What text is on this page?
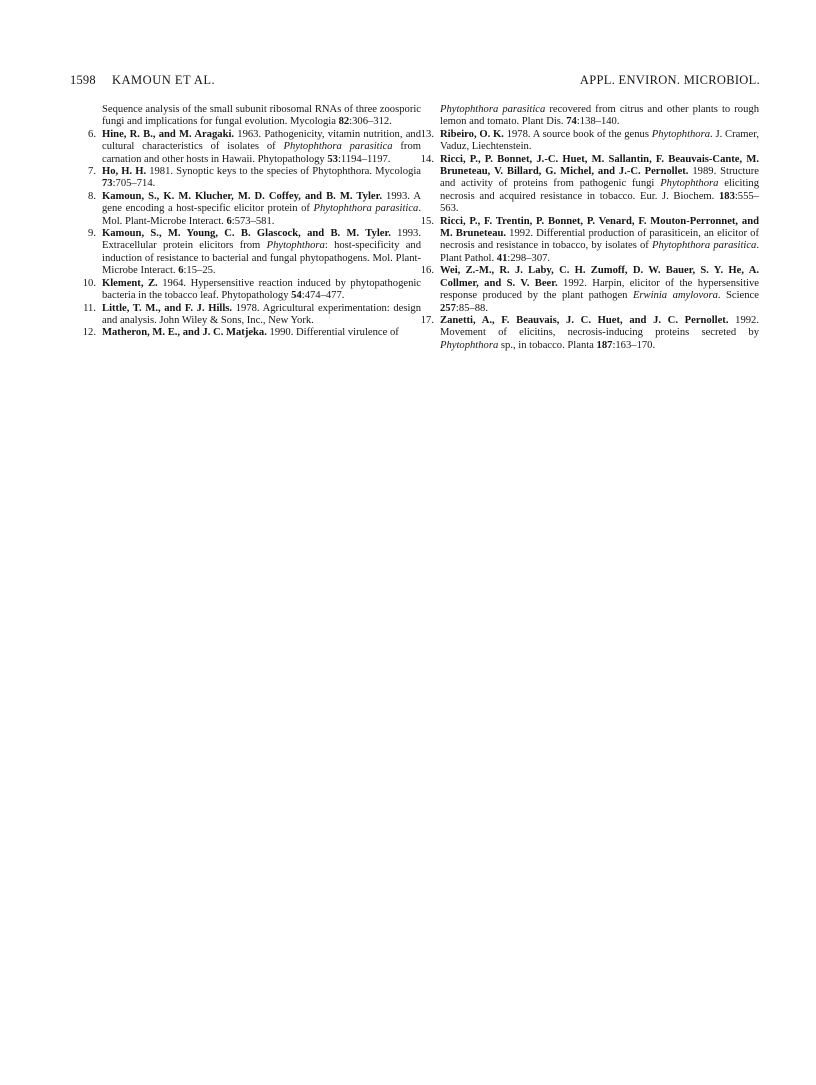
1598 KAMOUN ET AL.	APPL. ENVIRON. MICROBIOL.

Sequence analysis of the small subunit ribosomal RNAs of three zoosporic fungi and implications for fungal evolution. Mycologia 82:306–312.

6. Hine, R. B., and M. Aragaki. 1963. Pathogenicity, vitamin nutrition, and cultural characteristics of isolates of Phytophthora parasitica from carnation and other hosts in Hawaii. Phytopathology 53:1194–1197.

7. Ho, H. H. 1981. Synoptic keys to the species of Phytophthora. Mycologia 73:705–714.

8. Kamoun, S., K. M. Klucher, M. D. Coffey, and B. M. Tyler. 1993. A gene encoding a host-specific elicitor protein of Phytophthora parasitica. Mol. Plant-Microbe Interact. 6:573–581.

9. Kamoun, S., M. Young, C. B. Glascock, and B. M. Tyler. 1993. Extracellular protein elicitors from Phytophthora: host-specificity and induction of resistance to bacterial and fungal phytopathogens. Mol. Plant-Microbe Interact. 6:15–25.

10. Klement, Z. 1964. Hypersensitive reaction induced by phytopathogenic bacteria in the tobacco leaf. Phytopathology 54:474–477.

11. Little, T. M., and F. J. Hills. 1978. Agricultural experimentation: design and analysis. John Wiley & Sons, Inc., New York.

12. Matheron, M. E., and J. C. Matjeka. 1990. Differential virulence of

Phytophthora parasitica recovered from citrus and other plants to rough lemon and tomato. Plant Dis. 74:138–140.

13. Ribeiro, O. K. 1978. A source book of the genus Phytophthora. J. Cramer, Vaduz, Liechtenstein.

14. Ricci, P., P. Bonnet, J.-C. Huet, M. Sallantin, F. Beauvais-Cante, M. Bruneteau, V. Billard, G. Michel, and J.-C. Pernollet. 1989. Structure and activity of proteins from pathogenic fungi Phytophthora eliciting necrosis and acquired resistance in tobacco. Eur. J. Biochem. 183:555–563.

15. Ricci, P., F. Trentin, P. Bonnet, P. Venard, F. Mouton-Perronnet, and M. Bruneteau. 1992. Differential production of parasiticein, an elicitor of necrosis and resistance in tobacco, by isolates of Phytophthora parasitica. Plant Pathol. 41:298–307.

16. Wei, Z.-M., R. J. Laby, C. H. Zumoff, D. W. Bauer, S. Y. He, A. Collmer, and S. V. Beer. 1992. Harpin, elicitor of the hypersensitive response produced by the plant pathogen Erwinia amylovora. Science 257:85–88.

17. Zanetti, A., F. Beauvais, J. C. Huet, and J. C. Pernollet. 1992. Movement of elicitins, necrosis-inducing proteins secreted by Phytophthora sp., in tobacco. Planta 187:163–170.
